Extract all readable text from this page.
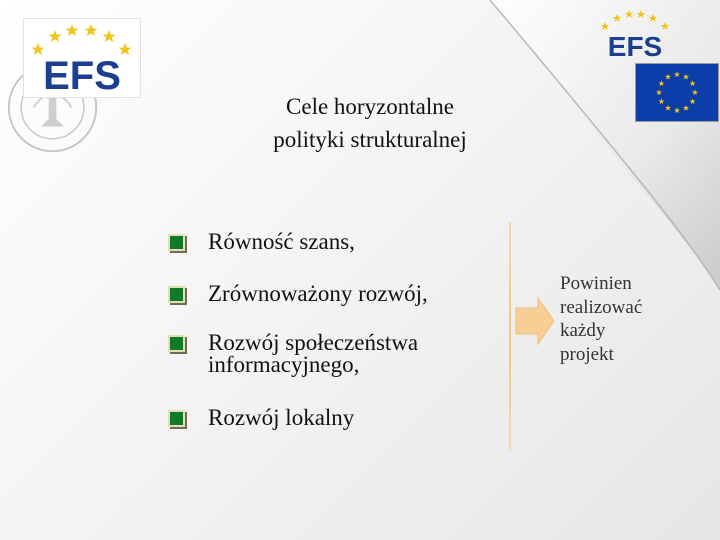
EFS
EFS
Cele horyzontalne
polityki strukturalnej
Równość szans,
Zrównoważony rozwój,
Rozwój społeczeństwa
informacyjnego,
Rozwój lokalny
Powinien
realizować
każdy
projekt
